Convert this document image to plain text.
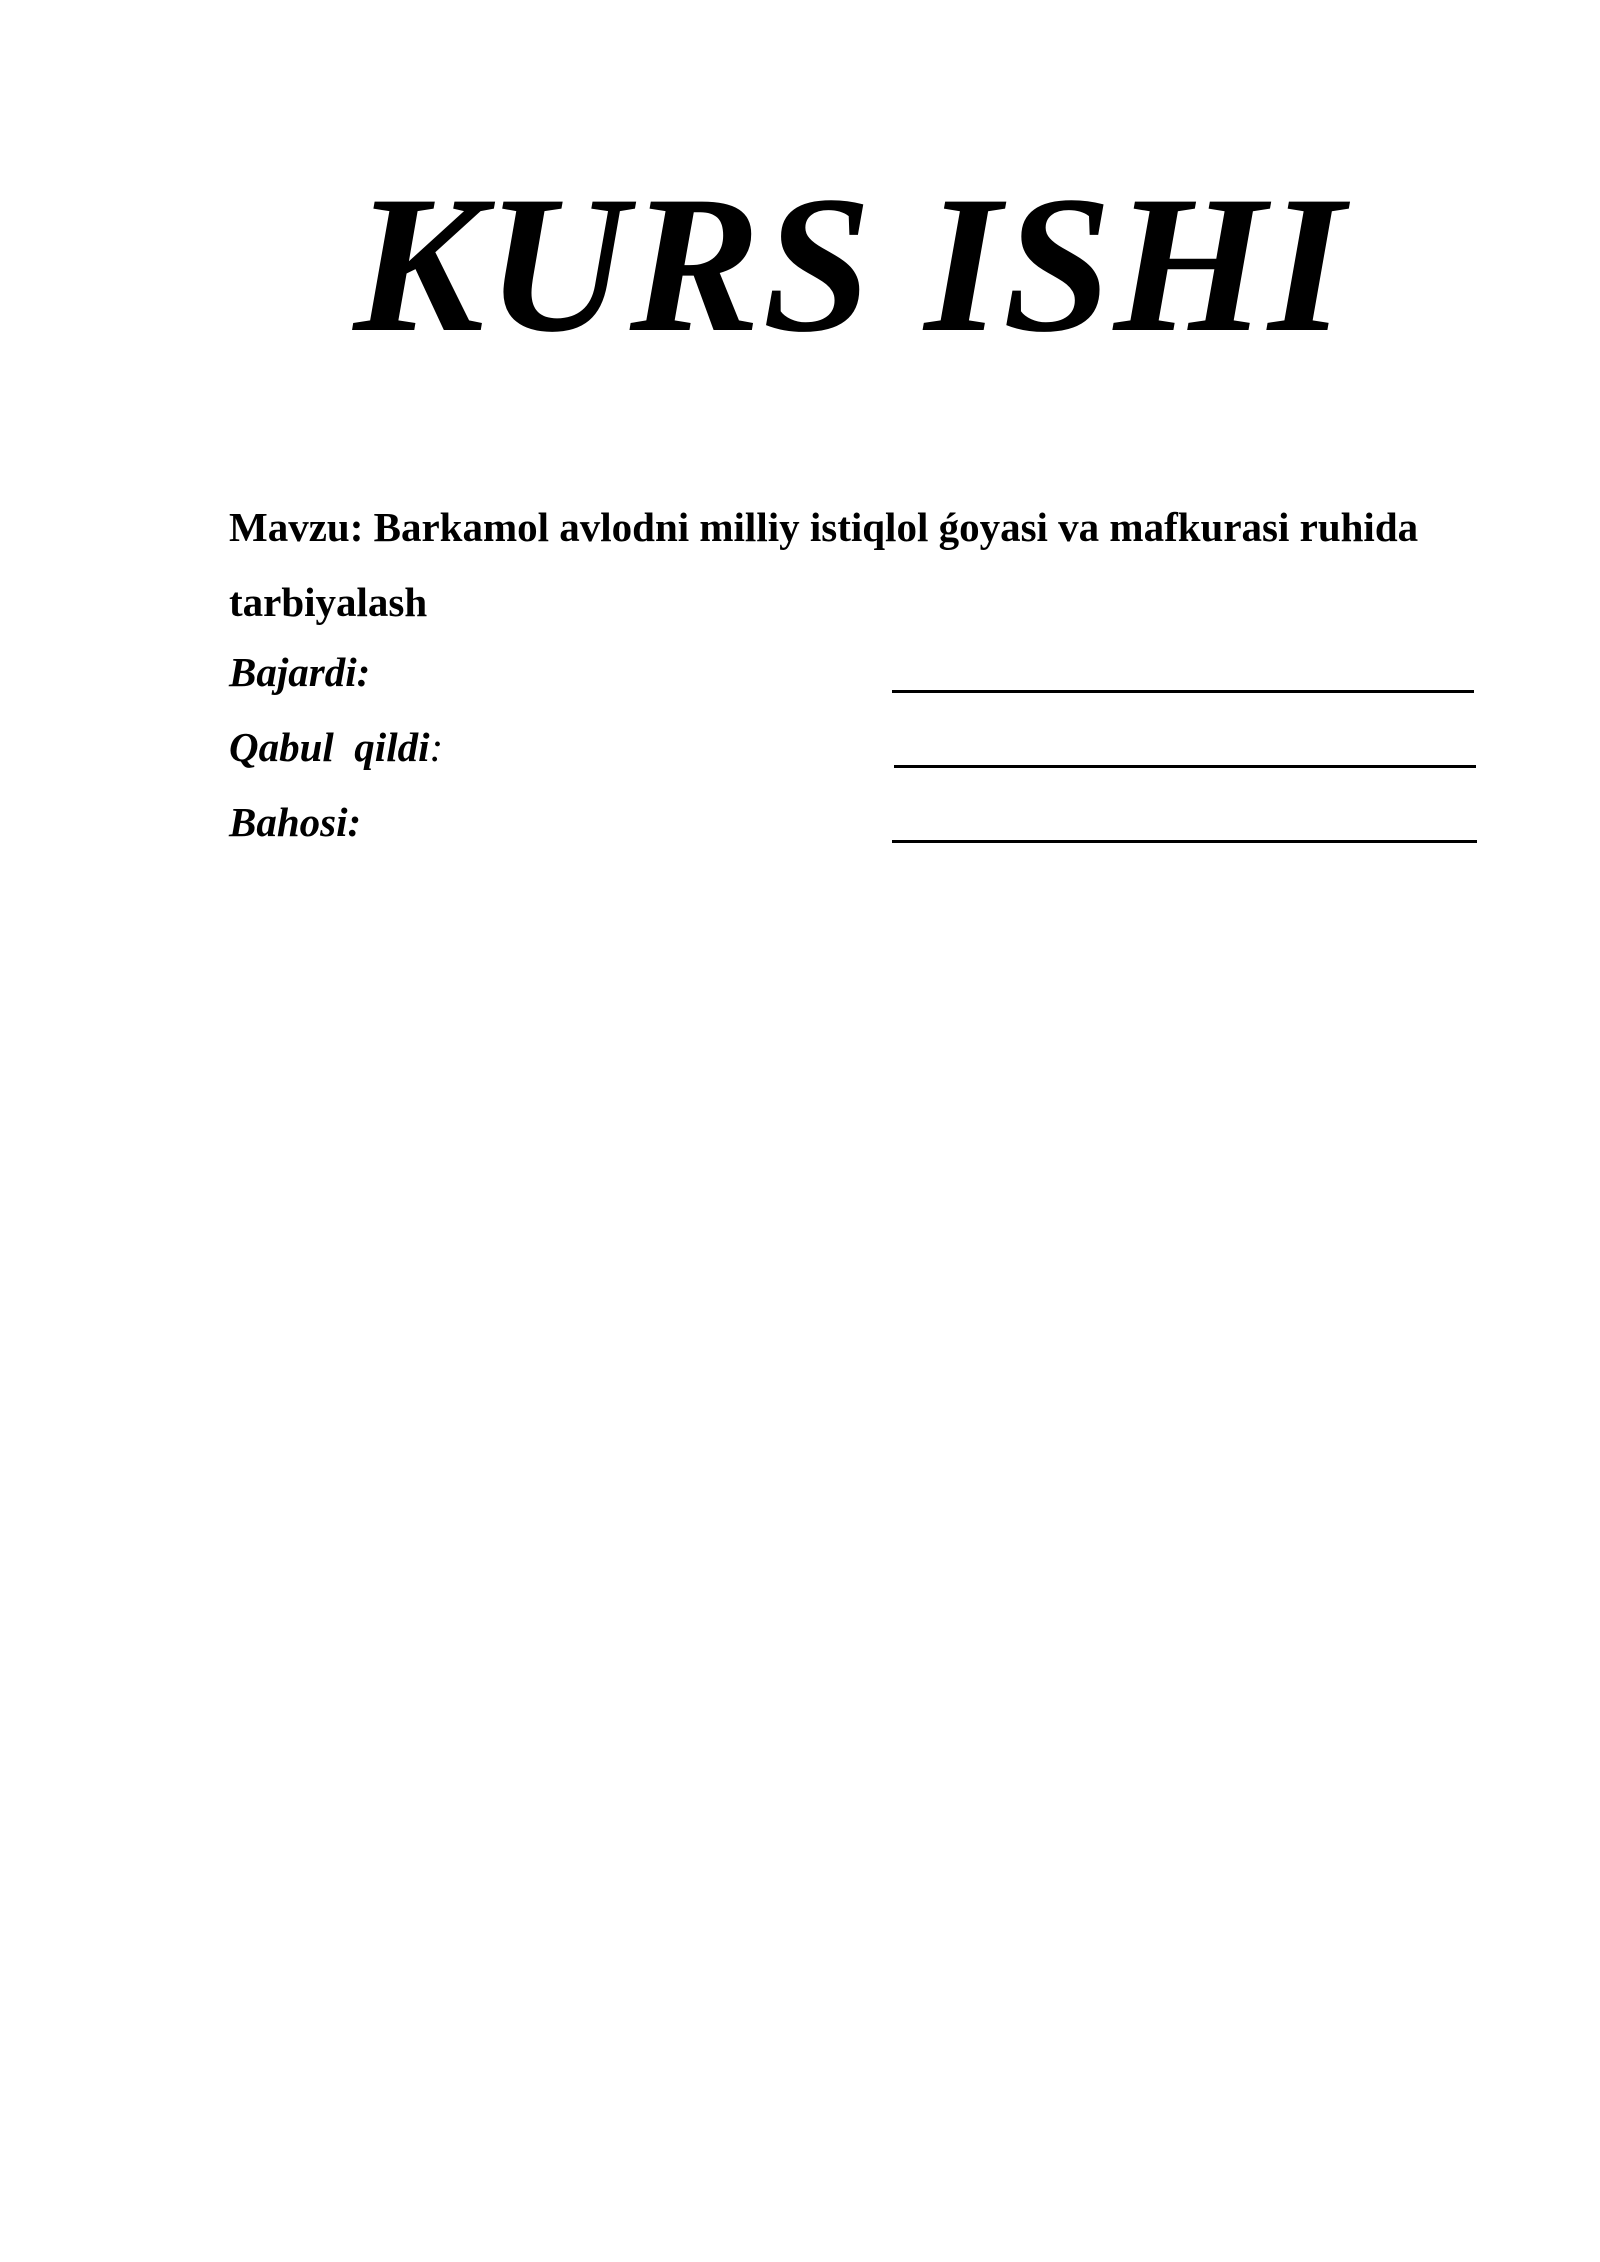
KURS ISHI

Mavzu: Barkamol avlodni milliy istiqlol ǵoyasi va mafkurasi ruhida tarbiyalash

Bajardi:
Qabul  qildi:
Bahosi:
